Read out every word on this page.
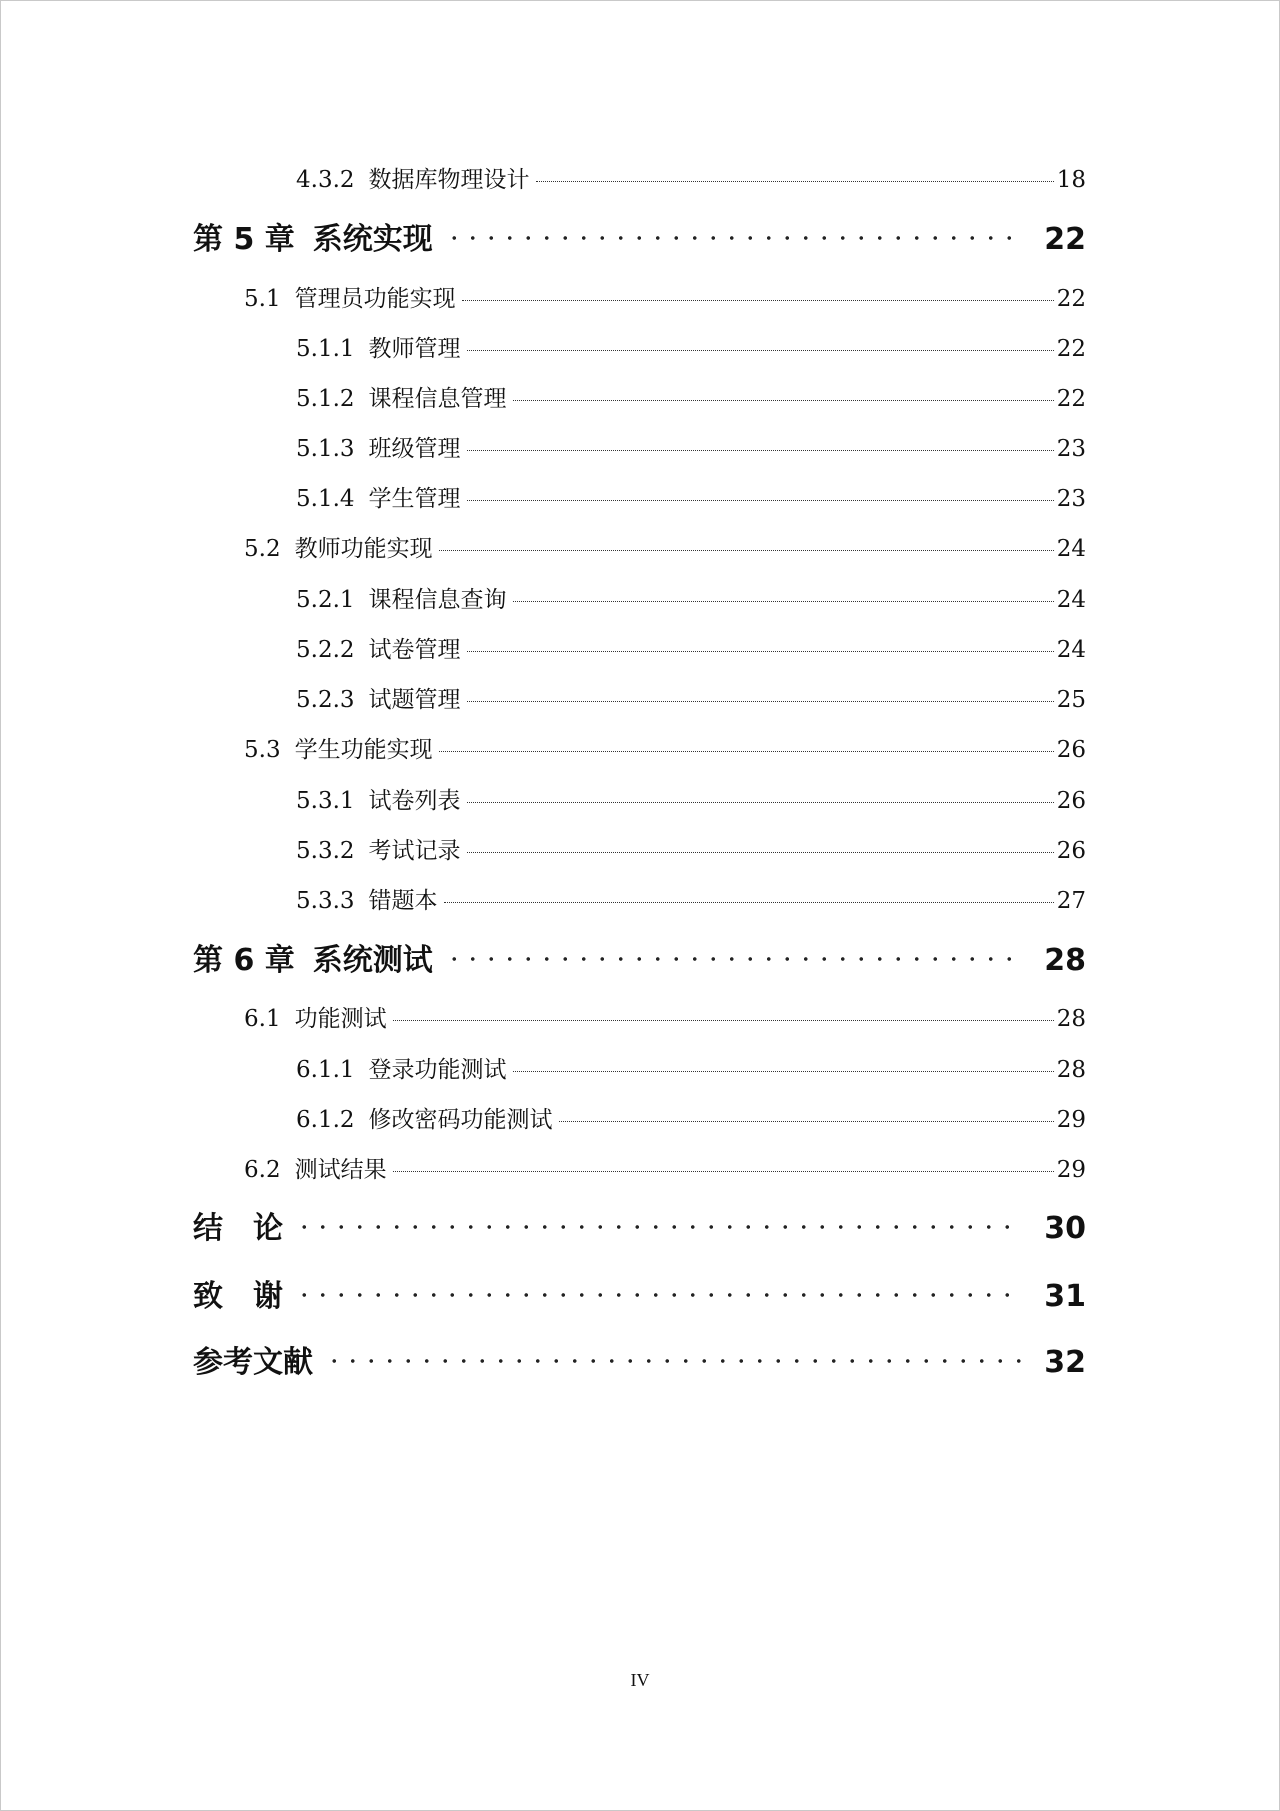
4.3.2 数据库物理设计	18
第 5 章 系统实现	22
5.1 管理员功能实现	22
5.1.1 教师管理	22
5.1.2 课程信息管理	22
5.1.3 班级管理	23
5.1.4 学生管理	23
5.2 教师功能实现	24
5.2.1 课程信息查询	24
5.2.2 试卷管理	24
5.2.3 试题管理	25
5.3 学生功能实现	26
5.3.1 试卷列表	26
5.3.2 考试记录	26
5.3.3 错题本	27
第 6 章 系统测试	28
6.1 功能测试	28
6.1.1 登录功能测试	28
6.1.2 修改密码功能测试	29
6.2 测试结果	29
结　论	30
致　谢	31
参考文献	32
IV
